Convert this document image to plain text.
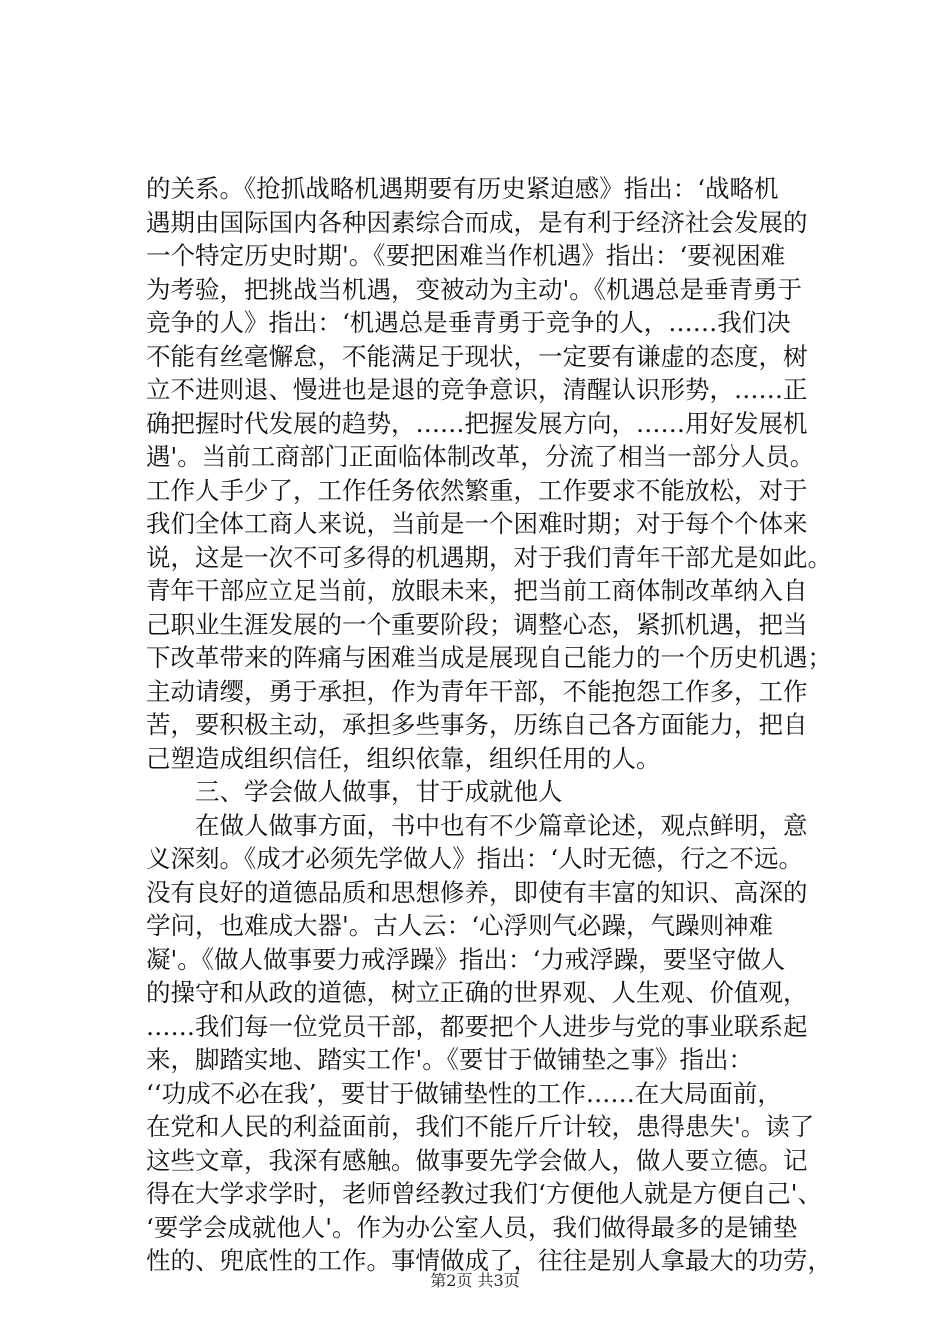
的关系。《抢抓战略机遇期要有历史紧迫感》指出：‘战略机
遇期由国际国内各种因素综合而成，是有利于经济社会发展的
一个特定历史时期'。《要把困难当作机遇》指出：‘要视困难
为考验，把挑战当机遇，变被动为主动'。《机遇总是垂青勇于
竞争的人》指出：‘机遇总是垂青勇于竞争的人，……我们决
不能有丝毫懈怠，不能满足于现状，一定要有谦虚的态度，树
立不进则退、慢进也是退的竞争意识，清醒认识形势，……正
确把握时代发展的趋势，……把握发展方向，……用好发展机
遇'。当前工商部门正面临体制改革，分流了相当一部分人员。
工作人手少了，工作任务依然繁重，工作要求不能放松，对于
我们全体工商人来说，当前是一个困难时期；对于每个个体来
说，这是一次不可多得的机遇期，对于我们青年干部尤是如此。
青年干部应立足当前，放眼未来，把当前工商体制改革纳入自
己职业生涯发展的一个重要阶段；调整心态，紧抓机遇，把当
下改革带来的阵痛与困难当成是展现自己能力的一个历史机遇；
主动请缨，勇于承担，作为青年干部，不能抱怨工作多，工作
苦，要积极主动，承担多些事务，历练自己各方面能力，把自
己塑造成组织信任，组织依靠，组织任用的人。
三、学会做人做事，甘于成就他人
在做人做事方面，书中也有不少篇章论述，观点鲜明，意
义深刻。《成才必须先学做人》指出：‘人时无德，行之不远。
没有良好的道德品质和思想修养，即使有丰富的知识、高深的
学问，也难成大器'。古人云：‘心浮则气必躁，气躁则神难
凝'。《做人做事要力戒浮躁》指出：‘力戒浮躁，要坚守做人
的操守和从政的道德，树立正确的世界观、人生观、价值观，
……我们每一位党员干部，都要把个人进步与党的事业联系起
来，脚踏实地、踏实工作'。《要甘于做铺垫之事》指出：
‘‘功成不必在我’，要甘于做铺垫性的工作……在大局面前，
在党和人民的利益面前，我们不能斤斤计较，患得患失'。读了
这些文章，我深有感触。做事要先学会做人，做人要立德。记
得在大学求学时，老师曾经教过我们‘方便他人就是方便自己'、
‘要学会成就他人'。作为办公室人员，我们做得最多的是铺垫
性的、兜底性的工作。事情做成了，往往是别人拿最大的功劳，
第2页 共3页
